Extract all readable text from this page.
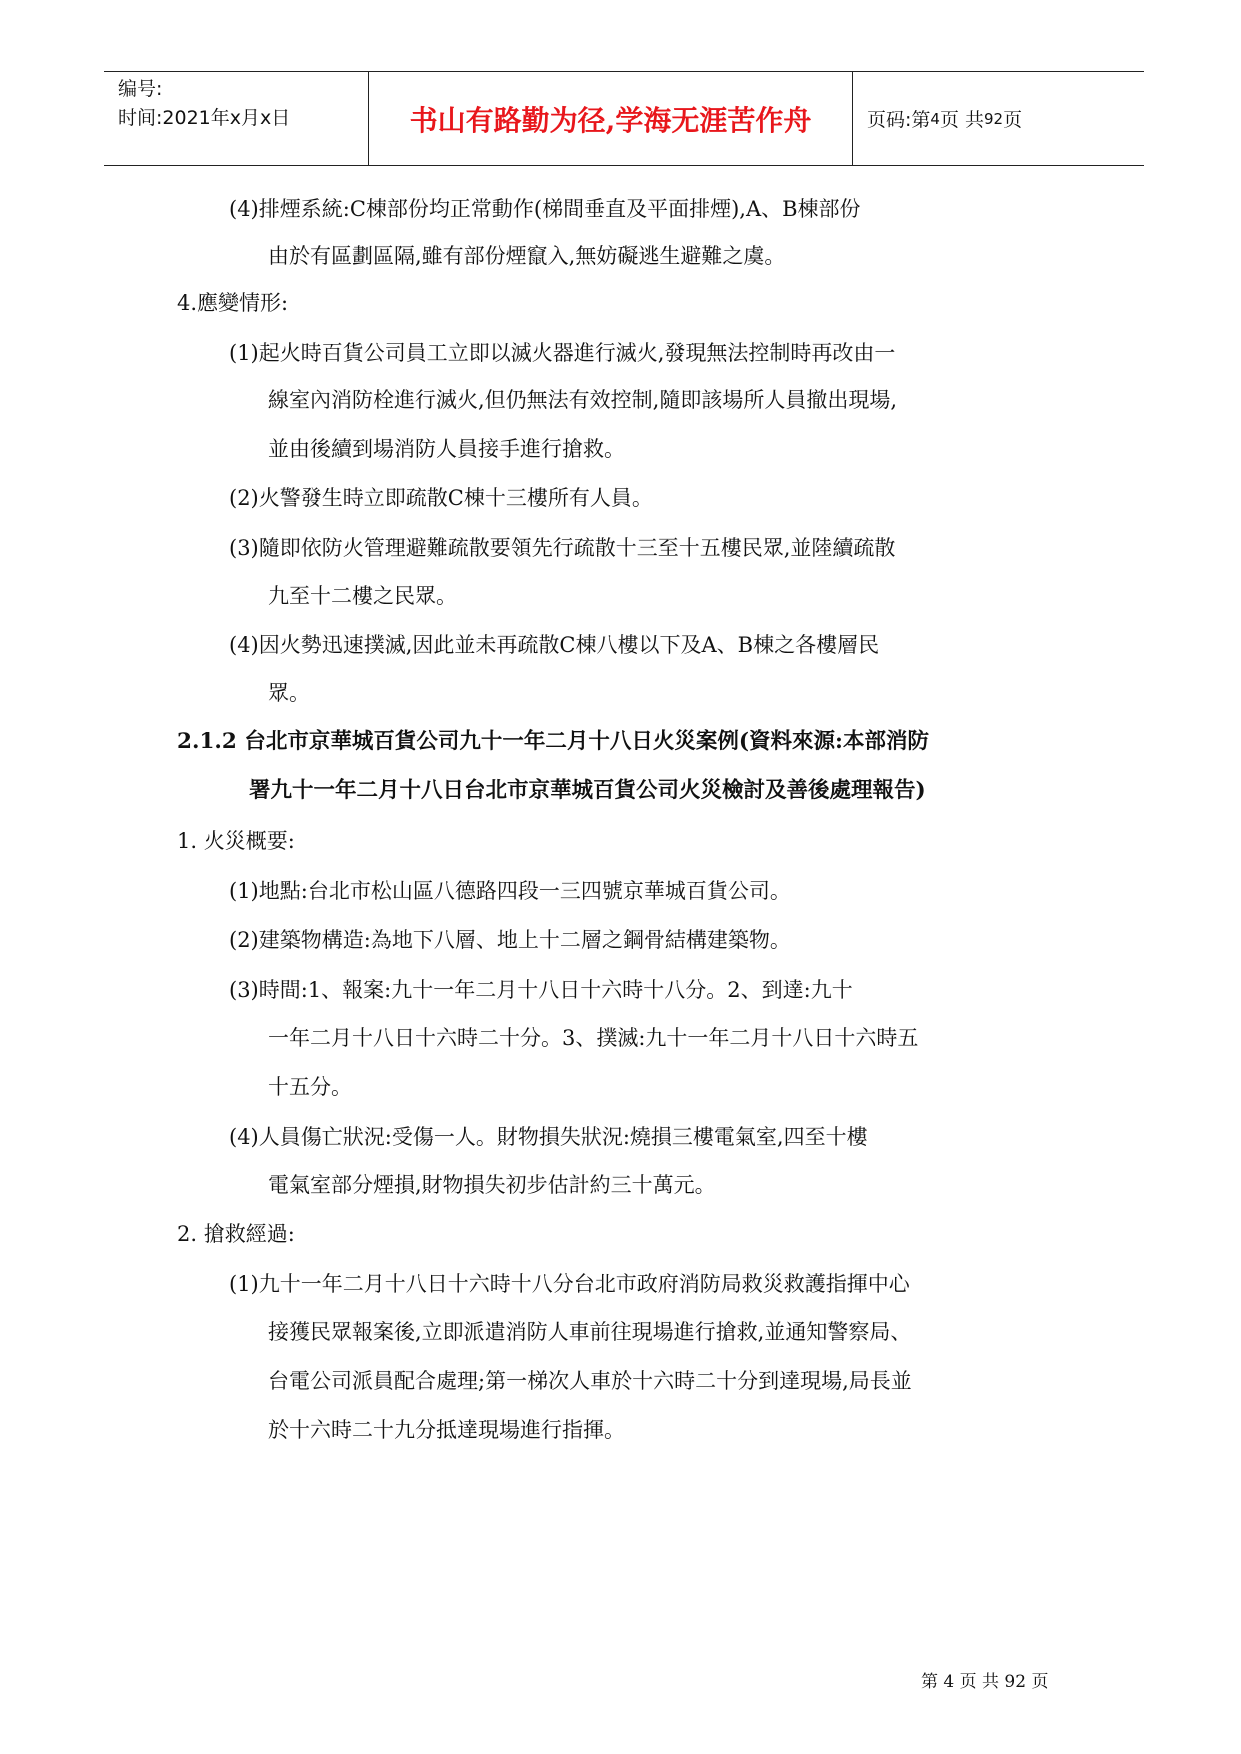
编号:
时间:2021年x月x日	书山有路勤为径,学海无涯苦作舟	页码:第 4 页 共 92 页
(4)排煙系統:C棟部份均正常動作(梯間垂直及平面排煙),A、B棟部份
由於有區劃區隔,雖有部份煙竄入,無妨礙逃生避難之虞。
4.應變情形:
(1)起火時百貨公司員工立即以滅火器進行滅火,發現無法控制時再改由一
線室內消防栓進行滅火,但仍無法有效控制,隨即該場所人員撤出現場,
並由後續到場消防人員接手進行搶救。
(2)火警發生時立即疏散C棟十三樓所有人員。
(3)隨即依防火管理避難疏散要領先行疏散十三至十五樓民眾,並陸續疏散
九至十二樓之民眾。
(4)因火勢迅速撲滅,因此並未再疏散C棟八樓以下及A、B棟之各樓層民
眾。
2.1.2 台北市京華城百貨公司九十一年二月十八日火災案例(資料來源:本部消防
署九十一年二月十八日台北市京華城百貨公司火災檢討及善後處理報告)
1. 火災概要:
(1)地點:台北市松山區八德路四段一三四號京華城百貨公司。
(2)建築物構造:為地下八層、地上十二層之鋼骨結構建築物。
(3)時間:1、報案:九十一年二月十八日十六時十八分。2、到達:九十
一年二月十八日十六時二十分。3、撲滅:九十一年二月十八日十六時五
十五分。
(4)人員傷亡狀況:受傷一人。財物損失狀況:燒損三樓電氣室,四至十樓
電氣室部分煙損,財物損失初步估計約三十萬元。
2. 搶救經過:
(1)九十一年二月十八日十六時十八分台北市政府消防局救災救護指揮中心
接獲民眾報案後,立即派遣消防人車前往現場進行搶救,並通知警察局、
台電公司派員配合處理;第一梯次人車於十六時二十分到達現場,局長並
於十六時二十九分抵達現場進行指揮。
第 4 页 共 92 页
